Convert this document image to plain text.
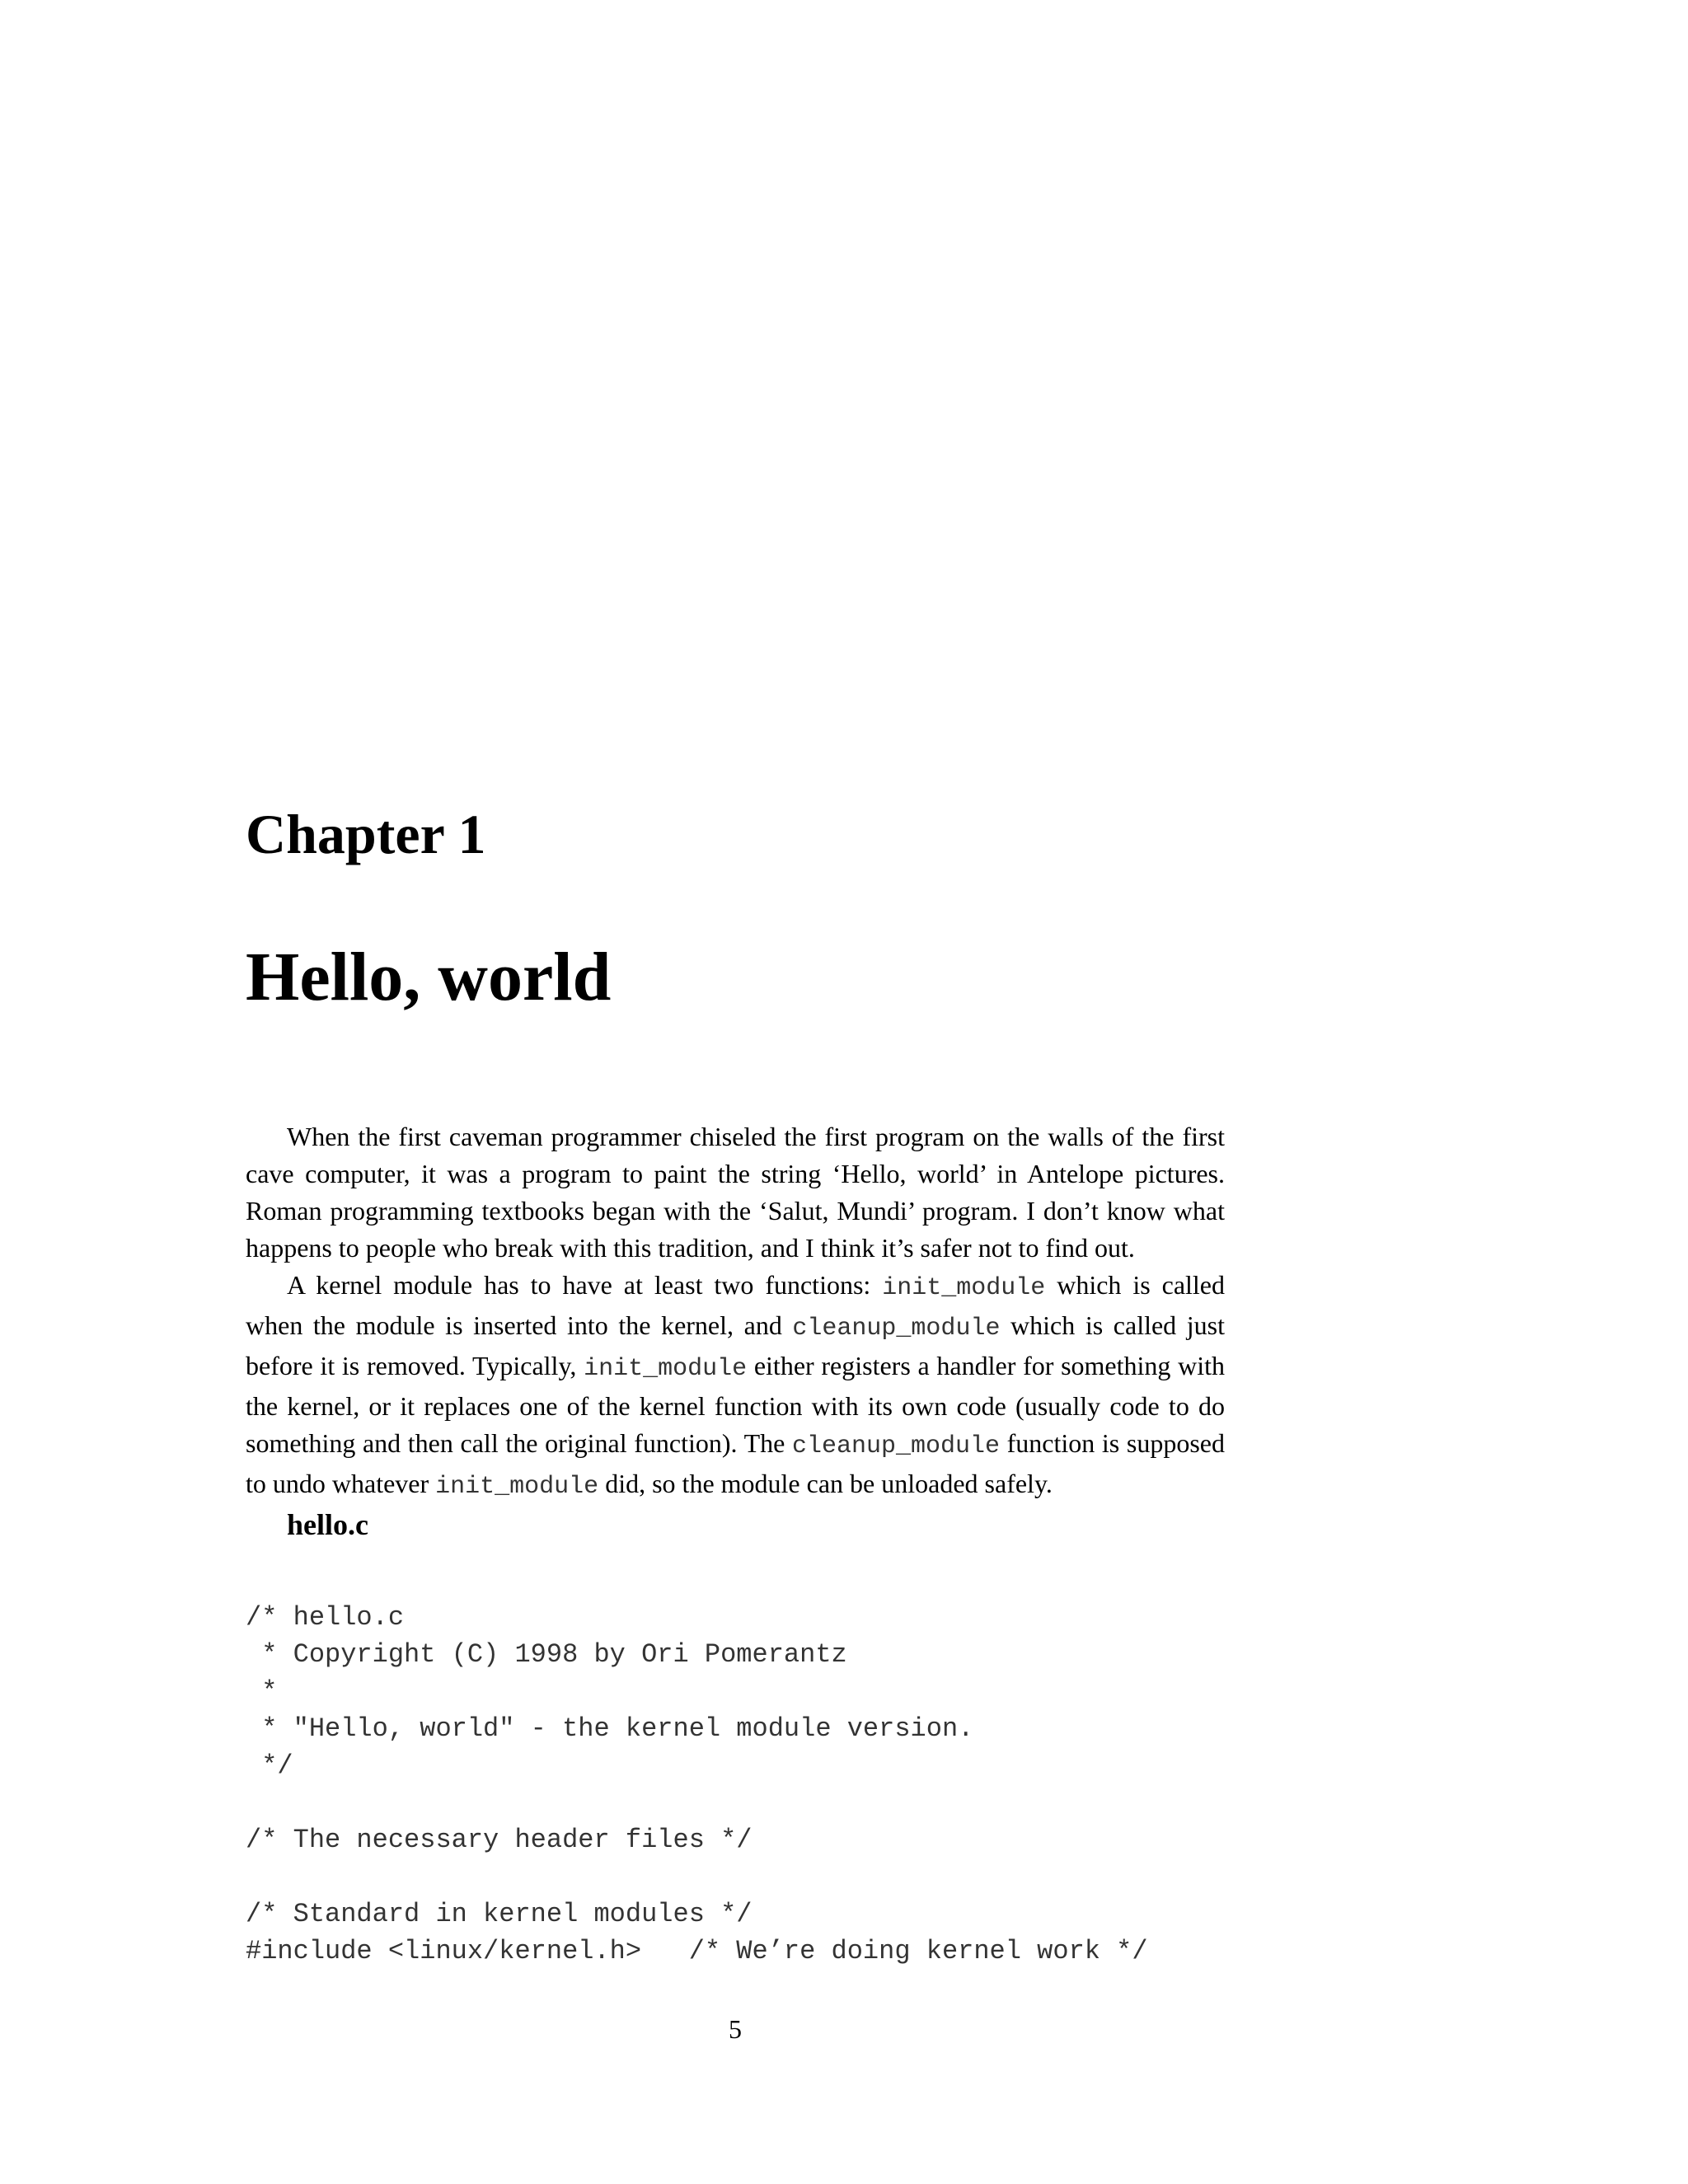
Chapter 1
Hello, world

When the first caveman programmer chiseled the first program on the walls of the first cave computer, it was a program to paint the string ‘Hello, world’ in Antelope pictures. Roman programming textbooks began with the ‘Salut, Mundi’ program. I don’t know what happens to people who break with this tradition, and I think it’s safer not to find out.

A kernel module has to have at least two functions: init_module which is called when the module is inserted into the kernel, and cleanup_module which is called just before it is removed. Typically, init_module either registers a handler for something with the kernel, or it replaces one of the kernel function with its own code (usually code to do something and then call the original function). The cleanup_module function is supposed to undo whatever init_module did, so the module can be unloaded safely.

hello.c
/* hello.c
* Copyright (C) 1998 by Ori Pomerantz
*
* "Hello, world" - the kernel module version.
*/

/* The necessary header files */

/* Standard in kernel modules */
#include <linux/kernel.h>   /* We’re doing kernel work */
5
